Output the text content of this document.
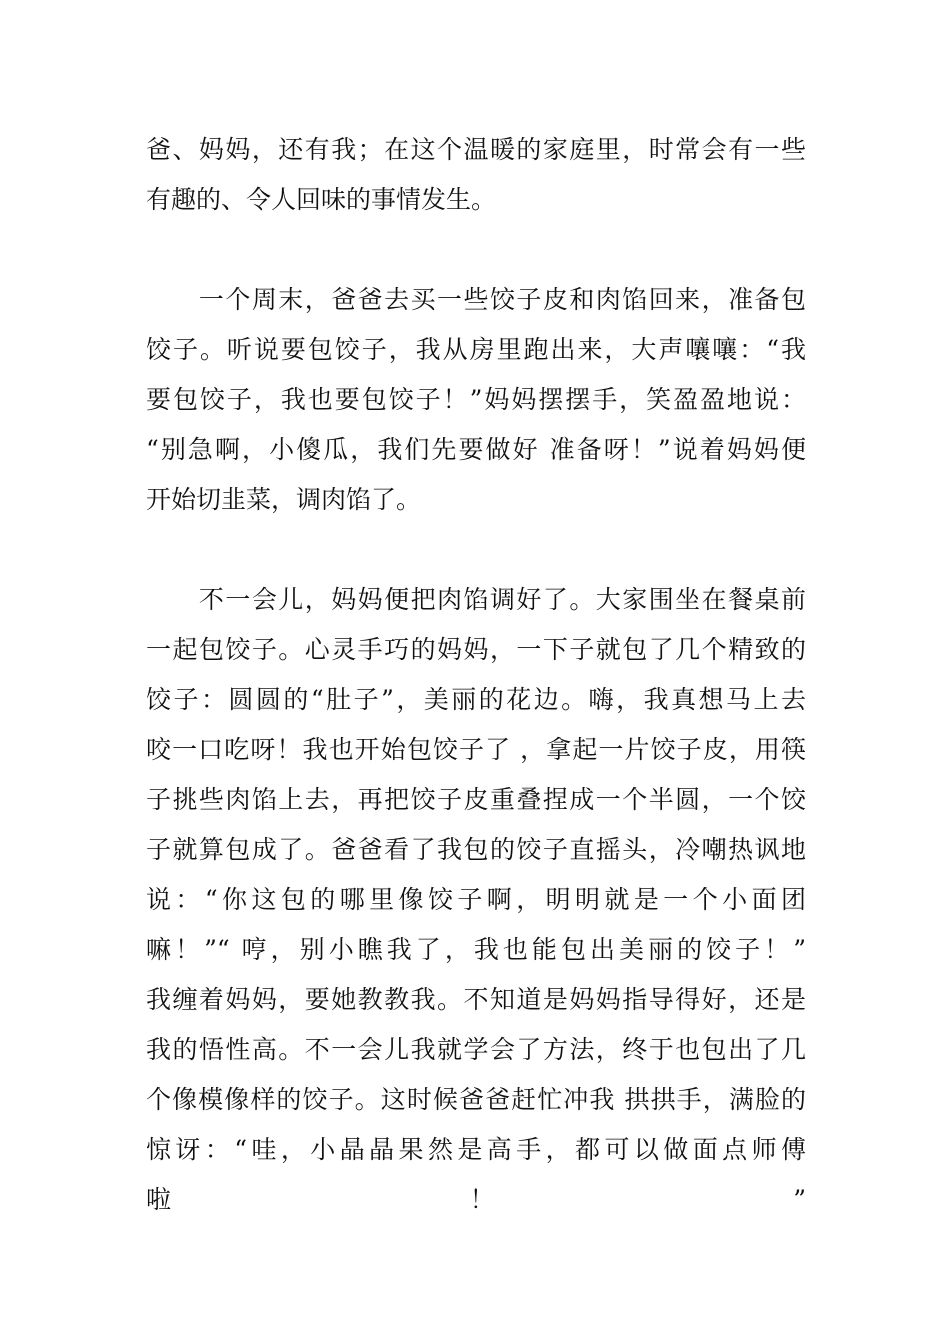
爸、妈妈，还有我；在这个温暖的家庭里，时常会有一些
有趣的、令人回味的事情发生。
　　一个周末，爸爸去买一些饺子皮和肉馅回来，准备包
饺子。听说要包饺子，我从房里跑出来，大声嚷嚷：“我
要包饺子，我也要包饺子！”妈妈摆摆手，笑盈盈地说：
“别急啊，小傻瓜，我们先要做好 准备呀！”说着妈妈便
开始切韭菜，调肉馅了。
　　不一会儿，妈妈便把肉馅调好了。大家围坐在餐桌前
一起包饺子。心灵手巧的妈妈，一下子就包了几个精致的
饺子：圆圆的“肚子”，美丽的花边。嗨，我真想马上去
咬一口吃呀！我也开始包饺子了 ，拿起一片饺子皮，用筷
子挑些肉馅上去，再把饺子皮重叠捏成一个半圆，一个饺
子就算包成了。爸爸看了我包的饺子直摇头，冷嘲热讽地
说：“你这包的哪里像饺子啊，明明就是一个小面团
嘛！”“ 哼，别小瞧我了，我也能包出美丽的饺子！”
我缠着妈妈，要她教教我。不知道是妈妈指导得好，还是
我的悟性高。不一会儿我就学会了方法，终于也包出了几
个像模像样的饺子。这时候爸爸赶忙冲我 拱拱手，满脸的
惊讶：“哇，小晶晶果然是高手，都可以做面点师傅
啦！”
